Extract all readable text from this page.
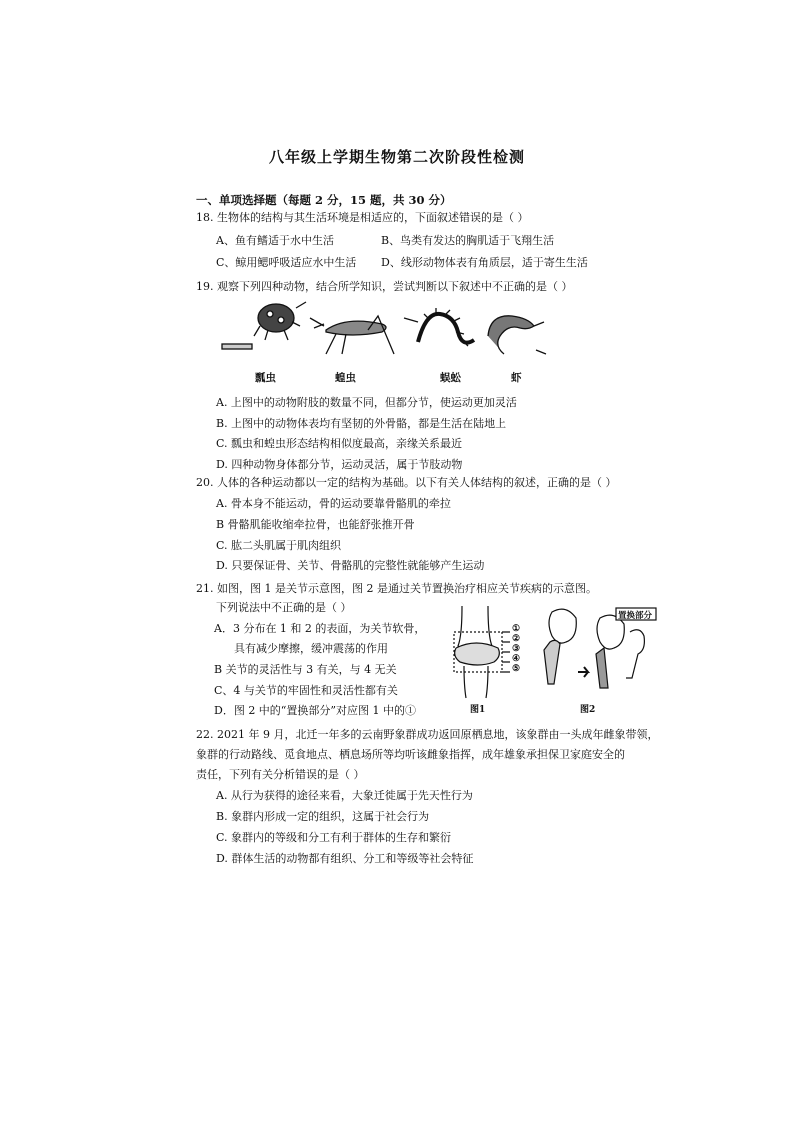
八年级上学期生物第二次阶段性检测
一、单项选择题（每题 2 分，15 题，共 30 分）
18. 生物体的结构与其生活环境是相适应的，下面叙述错误的是（ ）
A、鱼有鳍适于水中生活	B、鸟类有发达的胸肌适于飞翔生活
C、鲸用鳃呼吸适应水中生活 D、线形动物体表有角质层，适于寄生生活
19. 观察下列四种动物，结合所学知识，尝试判断以下叙述中不正确的是（ ）
瓢虫	蝗虫	蜈蚣	虾
A. 上图中的动物附肢的数量不同，但都分节，使运动更加灵活
B. 上图中的动物体表均有坚韧的外骨骼，都是生活在陆地上
C. 瓢虫和蝗虫形态结构相似度最高，亲缘关系最近
D. 四种动物身体都分节，运动灵活，属于节肢动物
20. 人体的各种运动都以一定的结构为基础。以下有关人体结构的叙述，正确的是（ ）
A. 骨本身不能运动，骨的运动要靠骨骼肌的牵拉
B 骨骼肌能收缩牵拉骨，也能舒张推开骨
C. 肱二头肌属于肌肉组织
D. 只要保证骨、关节、骨骼肌的完整性就能够产生运动
21. 如图，图 1 是关节示意图，图 2 是通过关节置换治疗相应关节疾病的示意图。
下列说法中不正确的是（ ）
A．3 分布在 1 和 2 的表面，为关节软骨，
具有减少摩擦，缓冲震荡的作用
B 关节的灵活性与 3 有关，与 4 无关
C、4 与关节的牢固性和灵活性都有关
D．图 2 中的“置换部分”对应图 1 中的①
①
②
③
④
⑤
置换部分
图1	图2
22. 2021 年 9 月，北迁一年多的云南野象群成功返回原栖息地，该象群由一头成年雌象带领，
象群的行动路线、觅食地点、栖息场所等均听该雌象指挥，成年雄象承担保卫家庭安全的
责任，下列有关分析错误的是（ ）
A. 从行为获得的途径来看，大象迁徙属于先天性行为
B. 象群内形成一定的组织，这属于社会行为
C. 象群内的等级和分工有利于群体的生存和繁衍
D. 群体生活的动物都有组织、分工和等级等社会特征
